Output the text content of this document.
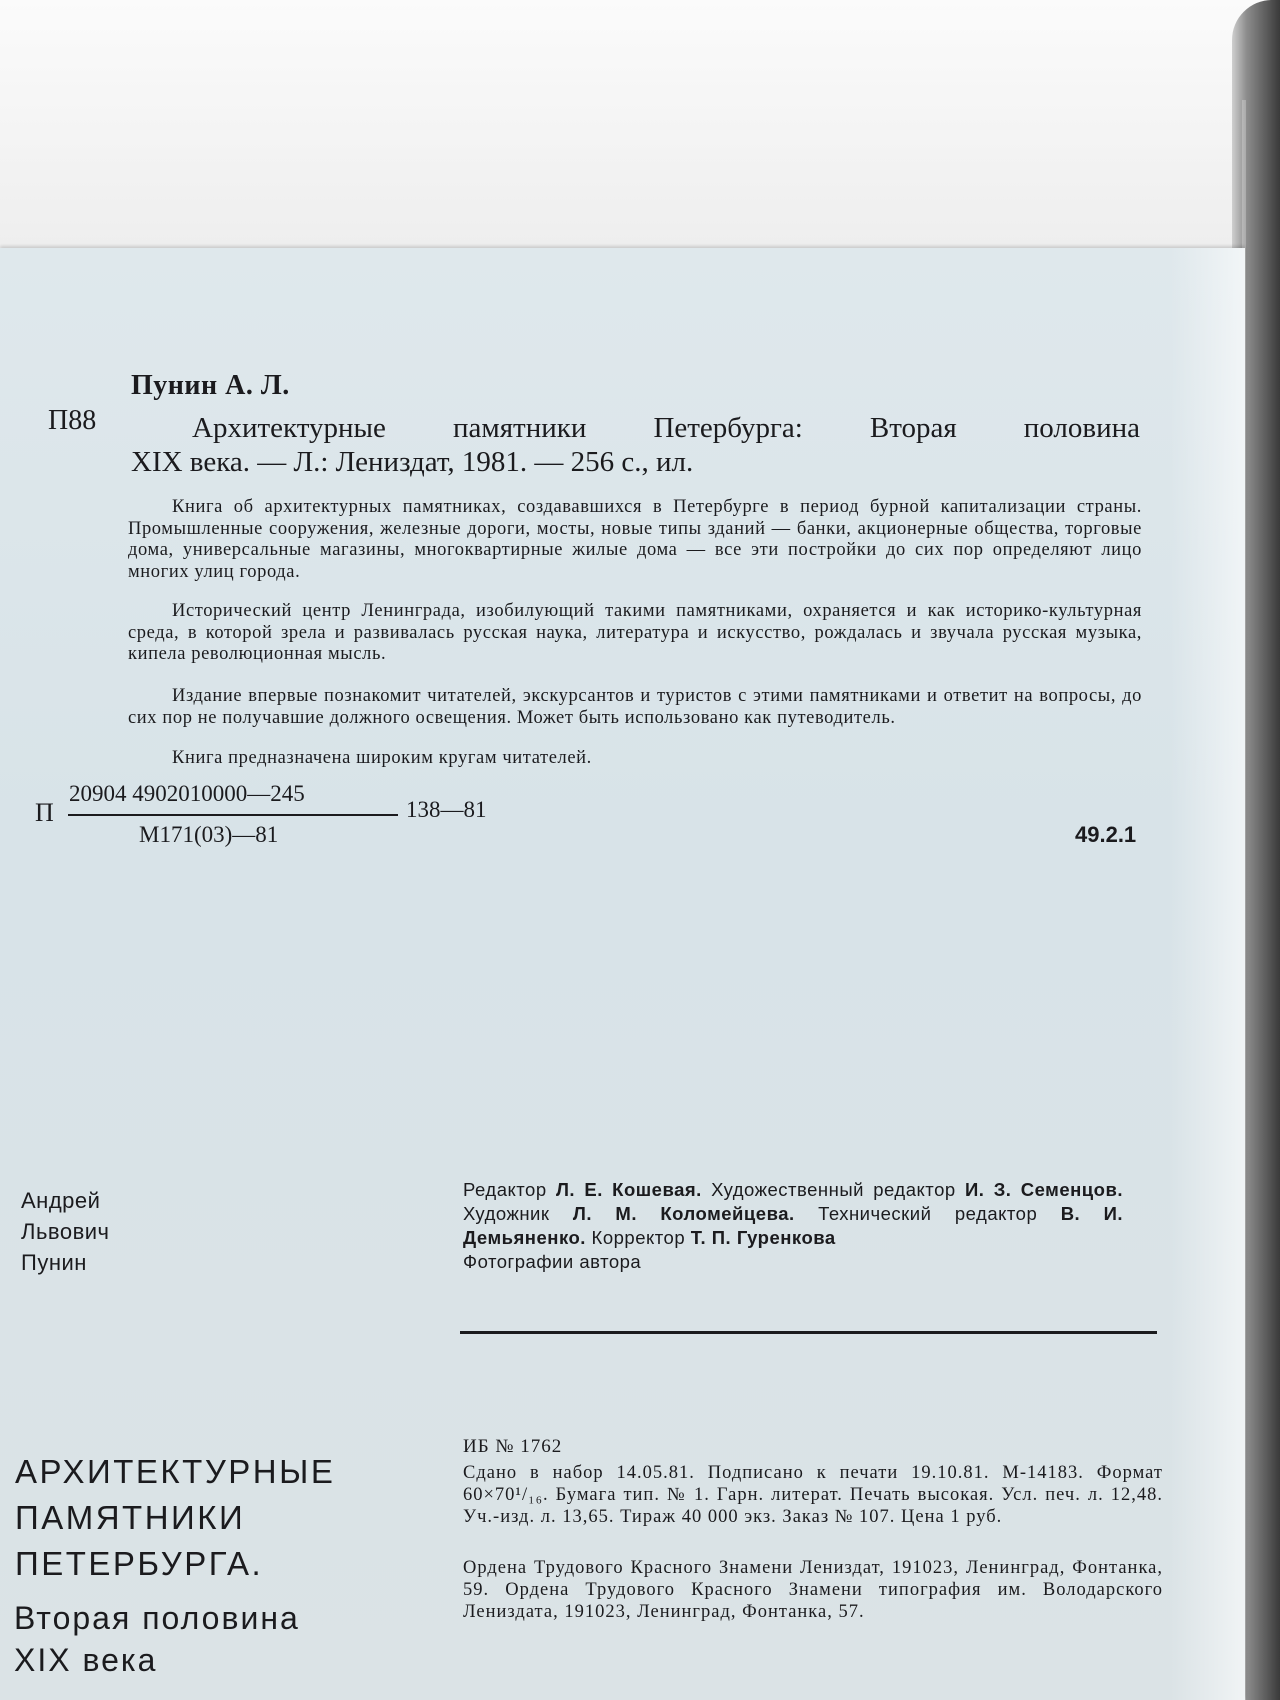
Пунин А. Л.
П88	Архитектурные памятники Петербурга: Вторая половина
XIX века. — Л.: Лениздат, 1981. — 256 с., ил.
Книга об архитектурных памятниках, создававшихся в Петербурге в период бурной капитализации страны. Промышленные сооружения, железные дороги, мосты, новые типы зданий — банки, акционерные общества, торговые дома, универсальные магазины, многоквартирные жилые дома — все эти постройки до сих пор определяют лицо многих улиц города.
Исторический центр Ленинграда, изобилующий такими памятниками, охраняется и как историко-культурная среда, в которой зрела и развивалась русская наука, литература и искусство, рождалась и звучала русская музыка, кипела революционная мысль.
Издание впервые познакомит читателей, экскурсантов и туристов с этими памятниками и ответит на вопросы, до сих пор не получавшие должного освещения. Может быть использовано как путеводитель.
Книга предназначена широким кругам читателей.
П
20904 4902010000—245
М171(03)—81
138—81
49.2.1
Андрей
Львович
Пунин
Редактор Л. Е. Кошевая. Художественный редактор И. З. Семенцов. Художник Л. М. Коломейцева. Технический редактор В. И. Демьяненко. Корректор Т. П. Гуренкова
Фотографии автора
АРХИТЕКТУРНЫЕ
ПАМЯТНИКИ
ПЕТЕРБУРГА.
Вторая половина
XIX века
ИБ № 1762
Сдано в набор 14.05.81. Подписано к печати 19.10.81. М-14183. Формат 60×70¹/₁₆. Бумага тип. № 1. Гарн. литерат. Печать высокая. Усл. печ. л. 12,48. Уч.-изд. л. 13,65. Тираж 40 000 экз. Заказ № 107. Цена 1 руб.
Ордена Трудового Красного Знамени Лениздат, 191023, Ленинград, Фонтанка, 59. Ордена Трудового Красного Знамени типография им. Володарского Лениздата, 191023, Ленинград, Фонтанка, 57.
